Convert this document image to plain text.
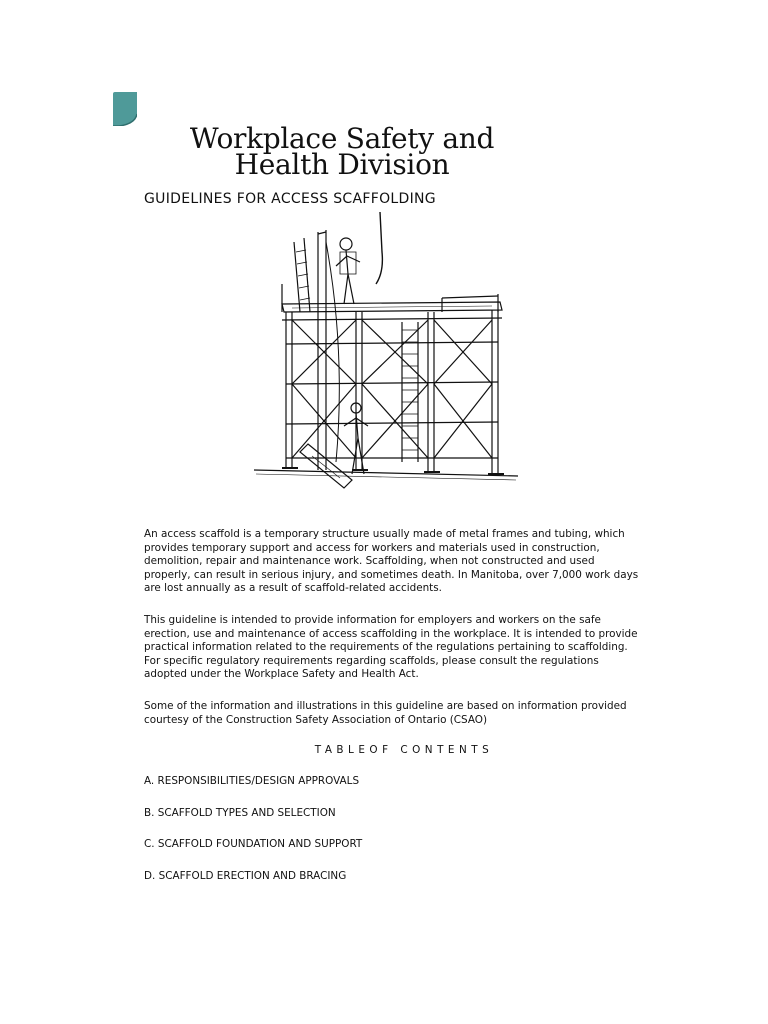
Workplace Safety and
Health Division
GUIDELINES FOR ACCESS SCAFFOLDING

An access scaffold is a temporary structure usually made of metal frames and tubing, which provides temporary support and access for workers and materials used in construction, demolition, repair and maintenance work. Scaffolding, when not constructed and used properly, can result in serious injury, and sometimes death. In Manitoba, over 7,000 work days are lost annually as a result of scaffold-related accidents.

This guideline is intended to provide information for employers and workers on the safe erection, use and maintenance of access scaffolding in the workplace. It is intended to provide practical information related to the requirements of the regulations pertaining to scaffolding. For specific regulatory requirements regarding scaffolds, please consult the regulations adopted under the Workplace Safety and Health Act.

Some of the information and illustrations in this guideline are based on information provided courtesy of the Construction Safety Association of Ontario (CSAO)

TABLEOF CONTENTS
A. RESPONSIBILITIES/DESIGN APPROVALS
B. SCAFFOLD TYPES AND SELECTION
C. SCAFFOLD FOUNDATION AND SUPPORT
D. SCAFFOLD ERECTION AND BRACING
